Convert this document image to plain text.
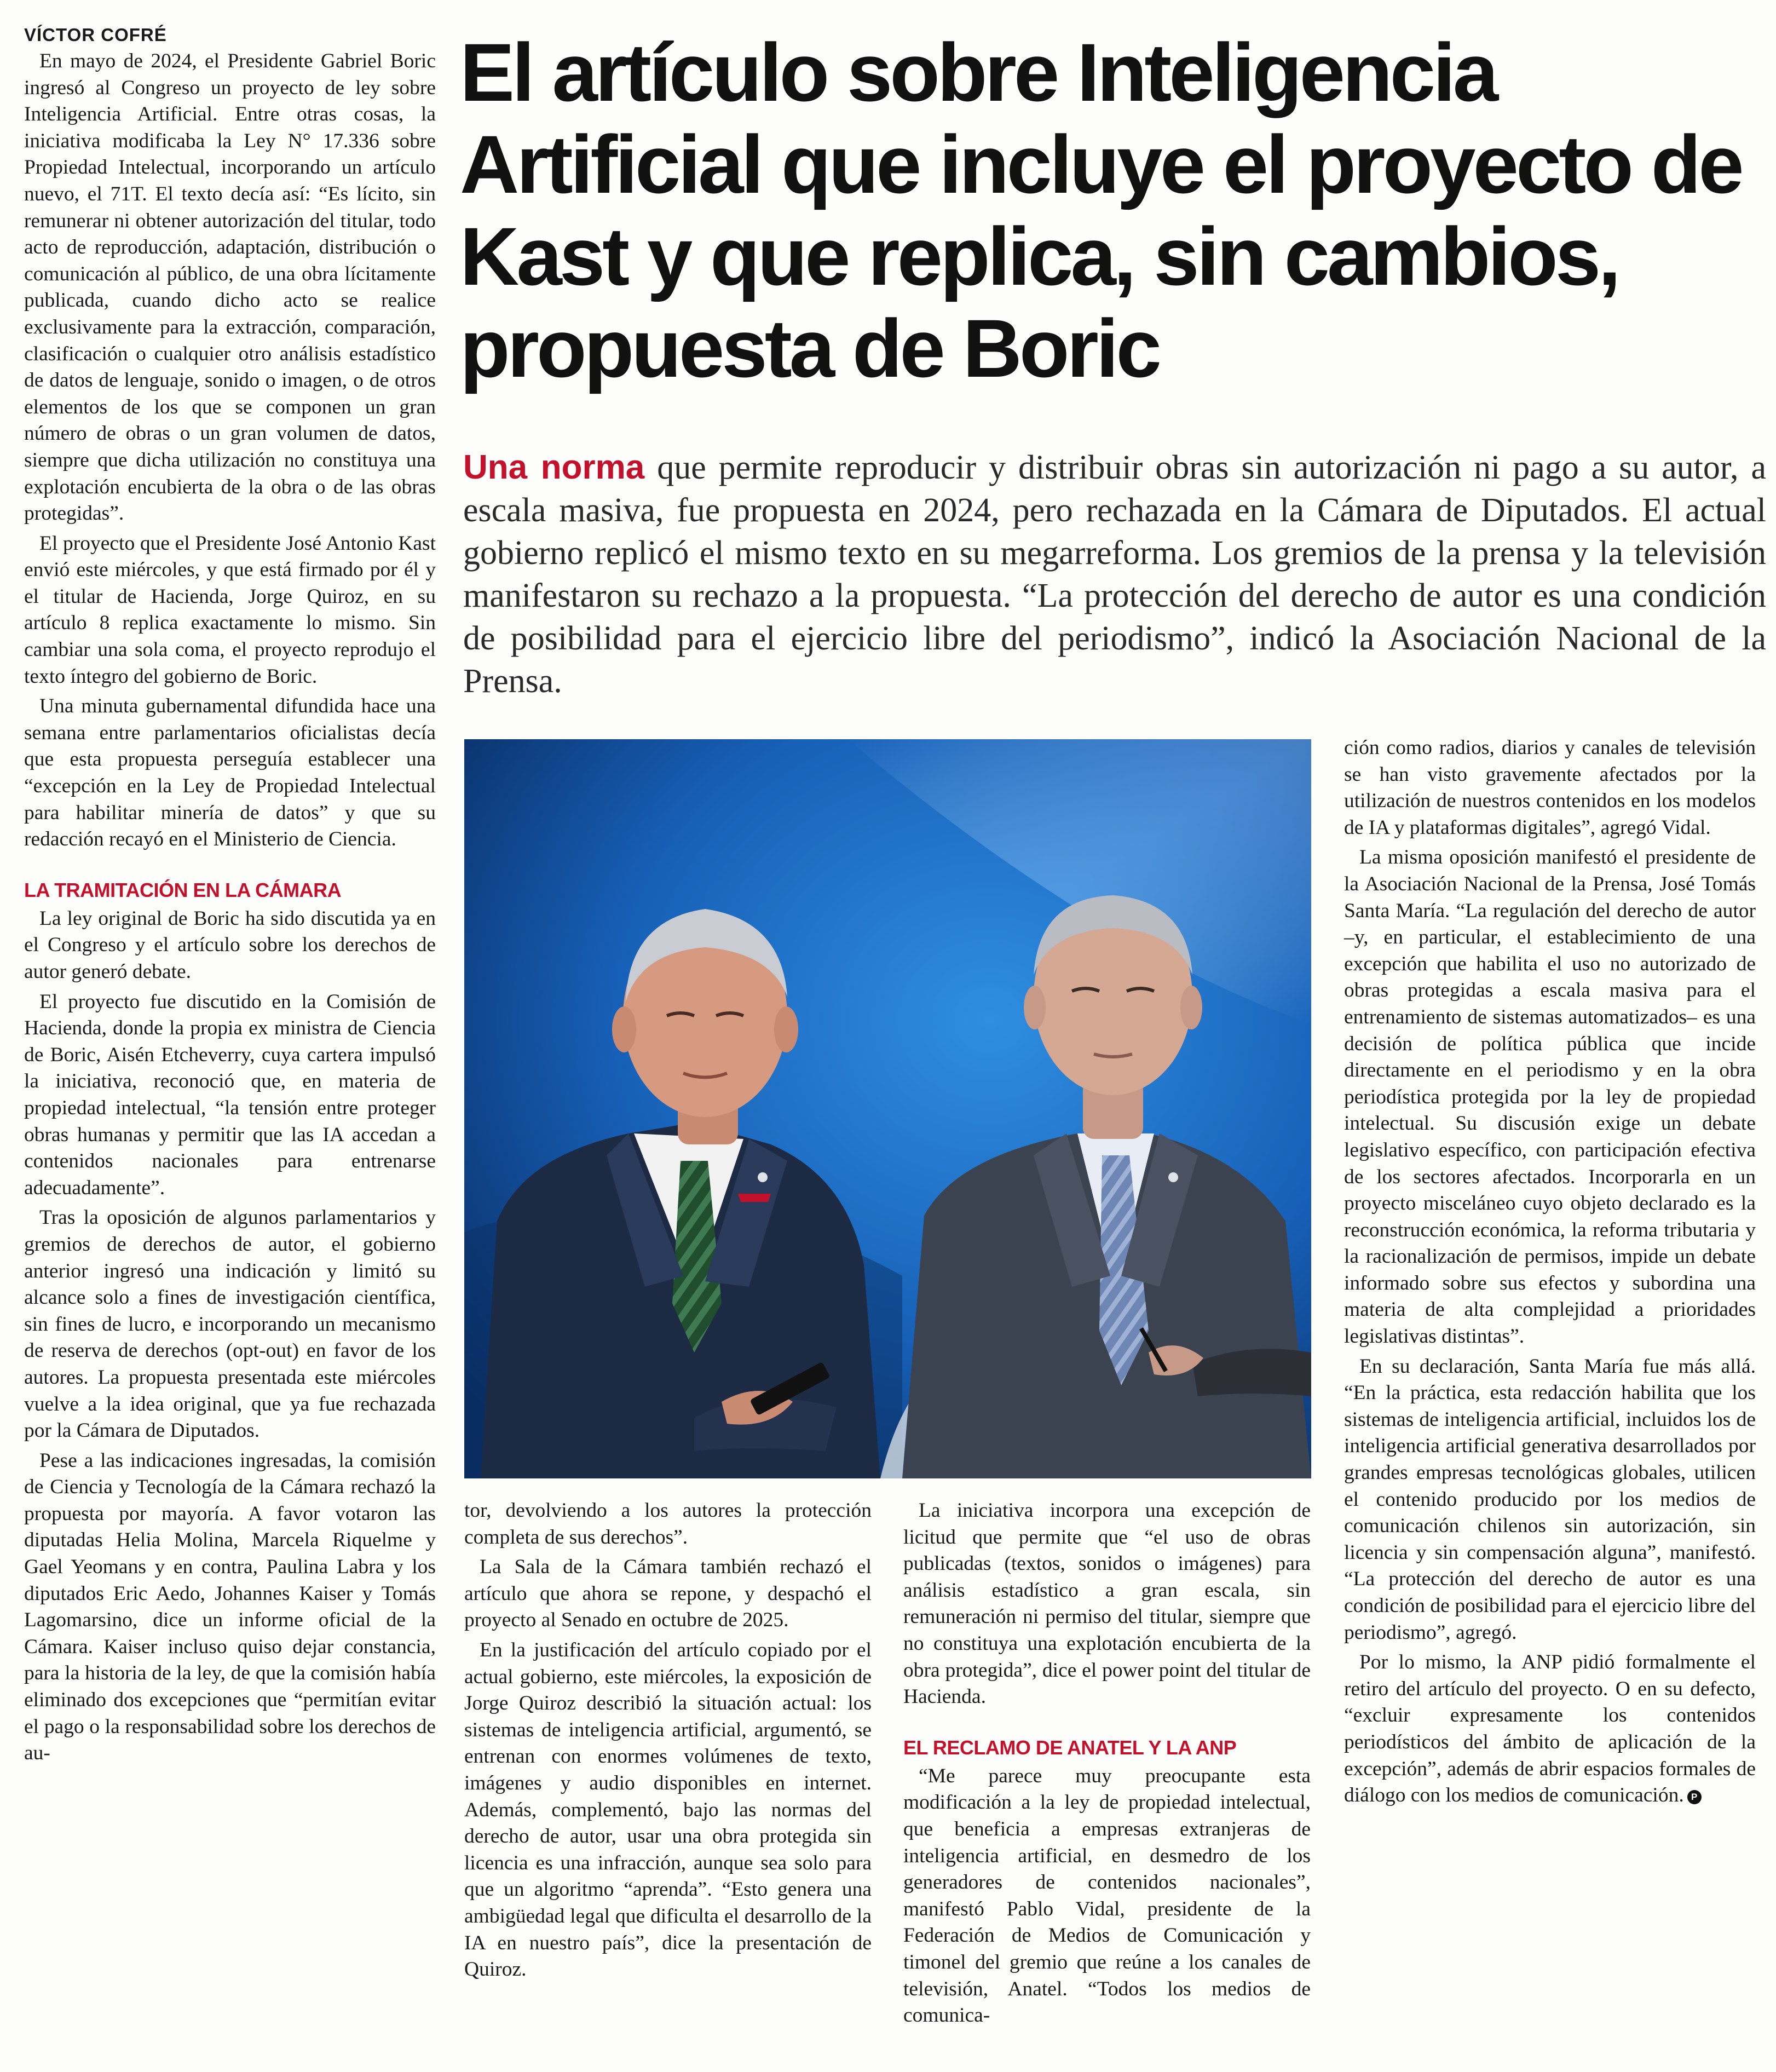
VÍCTOR COFRÉ

En mayo de 2024, el Presidente Gabriel Boric ingresó al Congreso un proyecto de ley sobre Inteligencia Artificial. Entre otras cosas, la iniciativa modificaba la Ley N° 17.336 sobre Propiedad Intelectual, incorporando un artículo nuevo, el 71T. El texto decía así: “Es lícito, sin remunerar ni obtener autorización del titular, todo acto de reproducción, adaptación, distribución o comunicación al público, de una obra lícitamente publicada, cuando dicho acto se realice exclusivamente para la extracción, comparación, clasificación o cualquier otro análisis estadístico de datos de lenguaje, sonido o imagen, o de otros elementos de los que se componen un gran número de obras o un gran volumen de datos, siempre que dicha utilización no constituya una explotación encubierta de la obra o de las obras protegidas”.

El proyecto que el Presidente José Antonio Kast envió este miércoles, y que está firmado por él y el titular de Hacienda, Jorge Quiroz, en su artículo 8 replica exactamente lo mismo. Sin cambiar una sola coma, el proyecto reprodujo el texto íntegro del gobierno de Boric.

Una minuta gubernamental difundida hace una semana entre parlamentarios oficialistas decía que esta propuesta perseguía establecer una “excepción en la Ley de Propiedad Intelectual para habilitar minería de datos” y que su redacción recayó en el Ministerio de Ciencia.

LA TRAMITACIÓN EN LA CÁMARA

La ley original de Boric ha sido discutida ya en el Congreso y el artículo sobre los derechos de autor generó debate.

El proyecto fue discutido en la Comisión de Hacienda, donde la propia ex ministra de Ciencia de Boric, Aisén Etcheverry, cuya cartera impulsó la iniciativa, reconoció que, en materia de propiedad intelectual, “la tensión entre proteger obras humanas y permitir que las IA accedan a contenidos nacionales para entrenarse adecuadamente”.

Tras la oposición de algunos parlamentarios y gremios de derechos de autor, el gobierno anterior ingresó una indicación y limitó su alcance solo a fines de investigación científica, sin fines de lucro, e incorporando un mecanismo de reserva de derechos (opt-out) en favor de los autores. La propuesta presentada este miércoles vuelve a la idea original, que ya fue rechazada por la Cámara de Diputados.

Pese a las indicaciones ingresadas, la comisión de Ciencia y Tecnología de la Cámara rechazó la propuesta por mayoría. A favor votaron las diputadas Helia Molina, Marcela Riquelme y Gael Yeomans y en contra, Paulina Labra y los diputados Eric Aedo, Johannes Kaiser y Tomás Lagomarsino, dice un informe oficial de la Cámara. Kaiser incluso quiso dejar constancia, para la historia de la ley, de que la comisión había eliminado dos excepciones que “permitían evitar el pago o la responsabilidad sobre los derechos de au-

El artículo sobre Inteligencia Artificial que incluye el proyecto de Kast y que replica, sin cambios, propuesta de Boric

Una norma que permite reproducir y distribuir obras sin autorización ni pago a su autor, a escala masiva, fue propuesta en 2024, pero rechazada en la Cámara de Diputados. El actual gobierno replicó el mismo texto en su megarreforma. Los gremios de la prensa y la televisión manifestaron su rechazo a la propuesta. “La protección del derecho de autor es una condición de posibilidad para el ejercicio libre del periodismo”, indicó la Asociación Nacional de la Prensa.

tor, devolviendo a los autores la protección completa de sus derechos”.

La Sala de la Cámara también rechazó el artículo que ahora se repone, y despachó el proyecto al Senado en octubre de 2025.

En la justificación del artículo copiado por el actual gobierno, este miércoles, la exposición de Jorge Quiroz describió la situación actual: los sistemas de inteligencia artificial, argumentó, se entrenan con enormes volúmenes de texto, imágenes y audio disponibles en internet. Además, complementó, bajo las normas del derecho de autor, usar una obra protegida sin licencia es una infracción, aunque sea solo para que un algoritmo “aprenda”. “Esto genera una ambigüedad legal que dificulta el desarrollo de la IA en nuestro país”, dice la presentación de Quiroz.

La iniciativa incorpora una excepción de licitud que permite que “el uso de obras publicadas (textos, sonidos o imágenes) para análisis estadístico a gran escala, sin remuneración ni permiso del titular, siempre que no constituya una explotación encubierta de la obra protegida”, dice el power point del titular de Hacienda.

EL RECLAMO DE ANATEL Y LA ANP

“Me parece muy preocupante esta modificación a la ley de propiedad intelectual, que beneficia a empresas extranjeras de inteligencia artificial, en desmedro de los generadores de contenidos nacionales”, manifestó Pablo Vidal, presidente de la Federación de Medios de Comunicación y timonel del gremio que reúne a los canales de televisión, Anatel. “Todos los medios de comunica-

ción como radios, diarios y canales de televisión se han visto gravemente afectados por la utilización de nuestros contenidos en los modelos de IA y plataformas digitales”, agregó Vidal.

La misma oposición manifestó el presidente de la Asociación Nacional de la Prensa, José Tomás Santa María. “La regulación del derecho de autor –y, en particular, el establecimiento de una excepción que habilita el uso no autorizado de obras protegidas a escala masiva para el entrenamiento de sistemas automatizados– es una decisión de política pública que incide directamente en el periodismo y en la obra periodística protegida por la ley de propiedad intelectual. Su discusión exige un debate legislativo específico, con participación efectiva de los sectores afectados. Incorporarla en un proyecto misceláneo cuyo objeto declarado es la reconstrucción económica, la reforma tributaria y la racionalización de permisos, impide un debate informado sobre sus efectos y subordina una materia de alta complejidad a prioridades legislativas distintas”.

En su declaración, Santa María fue más allá. “En la práctica, esta redacción habilita que los sistemas de inteligencia artificial, incluidos los de inteligencia artificial generativa desarrollados por grandes empresas tecnológicas globales, utilicen el contenido producido por los medios de comunicación chilenos sin autorización, sin licencia y sin compensación alguna”, manifestó. “La protección del derecho de autor es una condición de posibilidad para el ejercicio libre del periodismo”, agregó.

Por lo mismo, la ANP pidió formalmente el retiro del artículo del proyecto. O en su defecto, “excluir expresamente los contenidos periodísticos del ámbito de aplicación de la excepción”, además de abrir espacios formales de diálogo con los medios de comunicación. P
